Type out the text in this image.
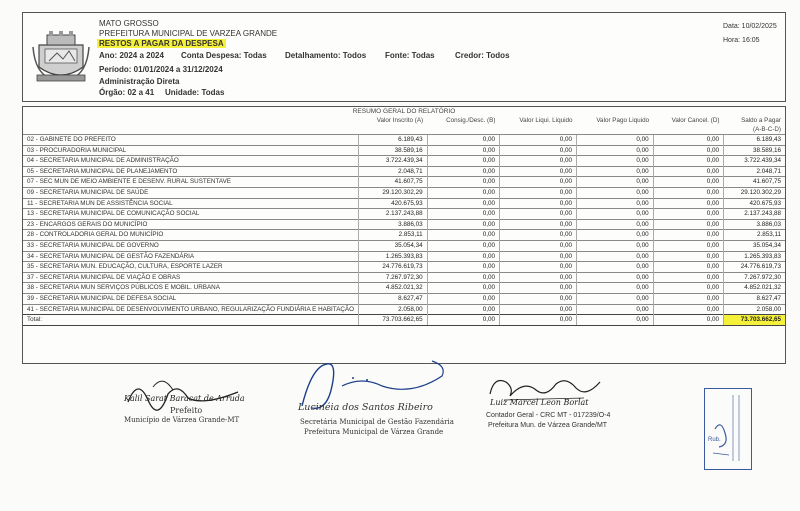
MATO GROSSO
PREFEITURA MUNICIPAL DE VARZEA GRANDE
RESTOS A PAGAR DA DESPESA
Ano: 2024 a 2024 Conta Despesa: Todas Detalhamento: Todos Fonte: Todas	Credor: Todos
Período: 01/01/2024 a 31/12/2024
Administração Direta
Órgão: 02 a 41 Unidade: Todas
Data: 10/02/2025
Hora: 16:05
RESUMO GERAL DO RELATÓRIO
	Valor Inscrito (A)	Consig./Desc. (B)	Valor Liqui. Liquido	Valor Pago Liquido	Valor Cancel. (D)	Saldo a Pagar
						(A-B-C-D)
02 - GABINETE DO PREFEITO	6.189,43	0,00	0,00	0,00	0,00	6.189,43
03 - PROCURADORIA MUNICIPAL	38.589,16	0,00	0,00	0,00	0,00	38.589,16
04 - SECRETARIA MUNICIPAL DE ADMINISTRAÇÃO	3.722.439,34	0,00	0,00	0,00	0,00	3.722.439,34
05 - SECRETARIA MUNICIPAL DE PLANEJAMENTO	2.048,71	0,00	0,00	0,00	0,00	2.048,71
07 - SEC MUN DE MEIO AMBIENTE E DESENV. RURAL SUSTENTAVE	41.607,75	0,00	0,00	0,00	0,00	41.607,75
09 - SECRETARIA MUNICIPAL DE SAÚDE	29.120.302,29	0,00	0,00	0,00	0,00	29.120.302,29
11 - SECRETARIA MUN DE ASSISTÊNCIA SOCIAL	420.675,93	0,00	0,00	0,00	0,00	420.675,93
13 - SECRETARIA MUNICIPAL DE COMUNICAÇÃO SOCIAL	2.137.243,88	0,00	0,00	0,00	0,00	2.137.243,88
23 - ENCARGOS GERAIS DO MUNICÍPIO	3.886,03	0,00	0,00	0,00	0,00	3.886,03
28 - CONTROLADORIA GERAL DO MUNICÍPIO	2.853,11	0,00	0,00	0,00	0,00	2.853,11
33 - SECRETARIA MUNICIPAL DE GOVERNO	35.054,34	0,00	0,00	0,00	0,00	35.054,34
34 - SECRETARIA MUNICIPAL DE GESTÃO FAZENDÁRIA	1.265.393,83	0,00	0,00	0,00	0,00	1.265.393,83
35 - SECRETARIA MUN. EDUCAÇÃO, CULTURA, ESPORTE LAZER	24.776.619,73	0,00	0,00	0,00	0,00	24.776.619,73
37 - SECRETARIA MUNICIPAL DE VIAÇÃO E OBRAS	7.267.972,30	0,00	0,00	0,00	0,00	7.267.972,30
38 - SECRETARIA MUN SERVIÇOS PÚBLICOS E MOBIL. URBANA	4.852.021,32	0,00	0,00	0,00	0,00	4.852.021,32
39 - SECRETARIA MUNICIPAL DE DEFESA SOCIAL	8.627,47	0,00	0,00	0,00	0,00	8.627,47
41 - SECRETARIA MUNICIPAL DE DESENVOLVIMENTO URBANO, REGULARIZAÇÃO FUNDIÁRIA E HABITAÇÃO	2.058,00	0,00	0,00	0,00	0,00	2.058,00
Total:	73.703.662,65	0,00	0,00	0,00	0,00	73.703.662,65
Kalil Sarat Baracat de Arruda
Prefeito
Município de Várzea Grande-MT
Lucinéia dos Santos Ribeiro
Secretária Municipal de Gestão Fazendária
Prefeitura Municipal de Várzea Grande
Luiz Marcel Leon Borlat
Contador Geral - CRC MT - 017239/O-4
Prefeitura Mun. de Várzea Grande/MT
Rub.
